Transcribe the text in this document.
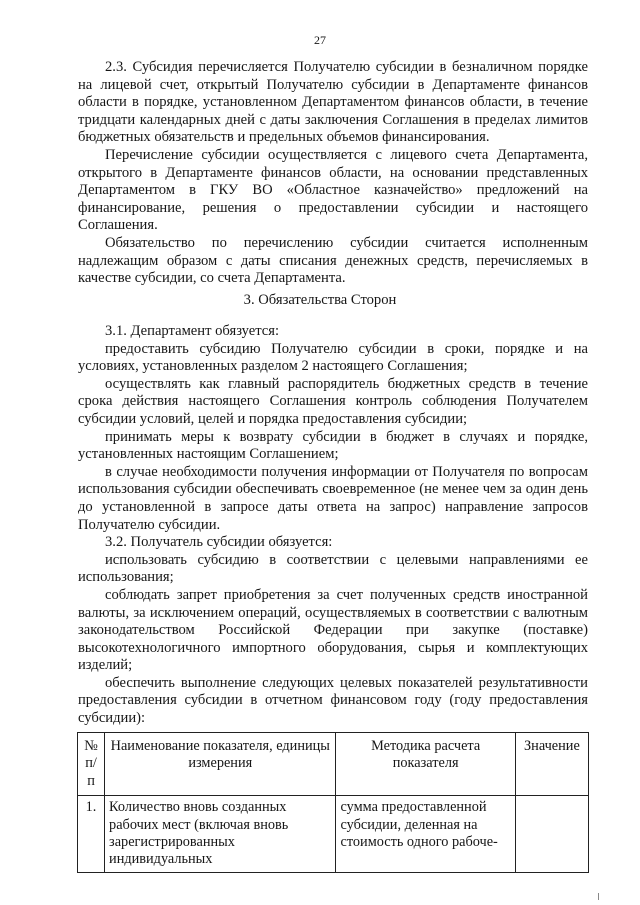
27

2.3. Субсидия перечисляется Получателю субсидии в безналичном порядке на лицевой счет, открытый Получателю субсидии в Департаменте финансов области в порядке, установленном Департаментом финансов области, в течение тридцати календарных дней с даты заключения Соглашения в пределах лимитов бюджетных обязательств и предельных объемов финансирования.

Перечисление субсидии осуществляется с лицевого счета Департамента, открытого в Департаменте финансов области, на основании представленных Департаментом в ГКУ ВО «Областное казначейство» предложений на финансирование, решения о предоставлении субсидии и настоящего Соглашения.

Обязательство по перечислению субсидии считается исполненным надлежащим образом с даты списания денежных средств, перечисляемых в качестве субсидии, со счета Департамента.

3. Обязательства Сторон

3.1. Департамент обязуется:

предоставить субсидию Получателю субсидии в сроки, порядке и на условиях, установленных разделом 2 настоящего Соглашения;

осуществлять как главный распорядитель бюджетных средств в течение срока действия настоящего Соглашения контроль соблюдения Получателем субсидии условий, целей и порядка предоставления субсидии;

принимать меры к возврату субсидии в бюджет в случаях и порядке, установленных настоящим Соглашением;

в случае необходимости получения информации от Получателя по вопросам использования субсидии обеспечивать своевременное (не менее чем за один день до установленной в запросе даты ответа на запрос) направление запросов Получателю субсидии.

3.2. Получатель субсидии обязуется:

использовать субсидию в соответствии с целевыми направлениями ее использования;

соблюдать запрет приобретения за счет полученных средств иностранной валюты, за исключением операций, осуществляемых в соответствии с валютным законодательством Российской Федерации при закупке (поставке) высокотехнологичного импортного оборудования, сырья и комплектующих изделий;

обеспечить выполнение следующих целевых показателей результативности предоставления субсидии в отчетном финансовом году (году предоставления субсидии):

№ п/п	Наименование показателя, единицы измерения	Методика расчета показателя	Значение
1.	Количество вновь созданных рабочих мест (включая вновь зарегистрированных индивидуальных	сумма предоставленной субсидии, деленная на стоимость одного рабоче-	
